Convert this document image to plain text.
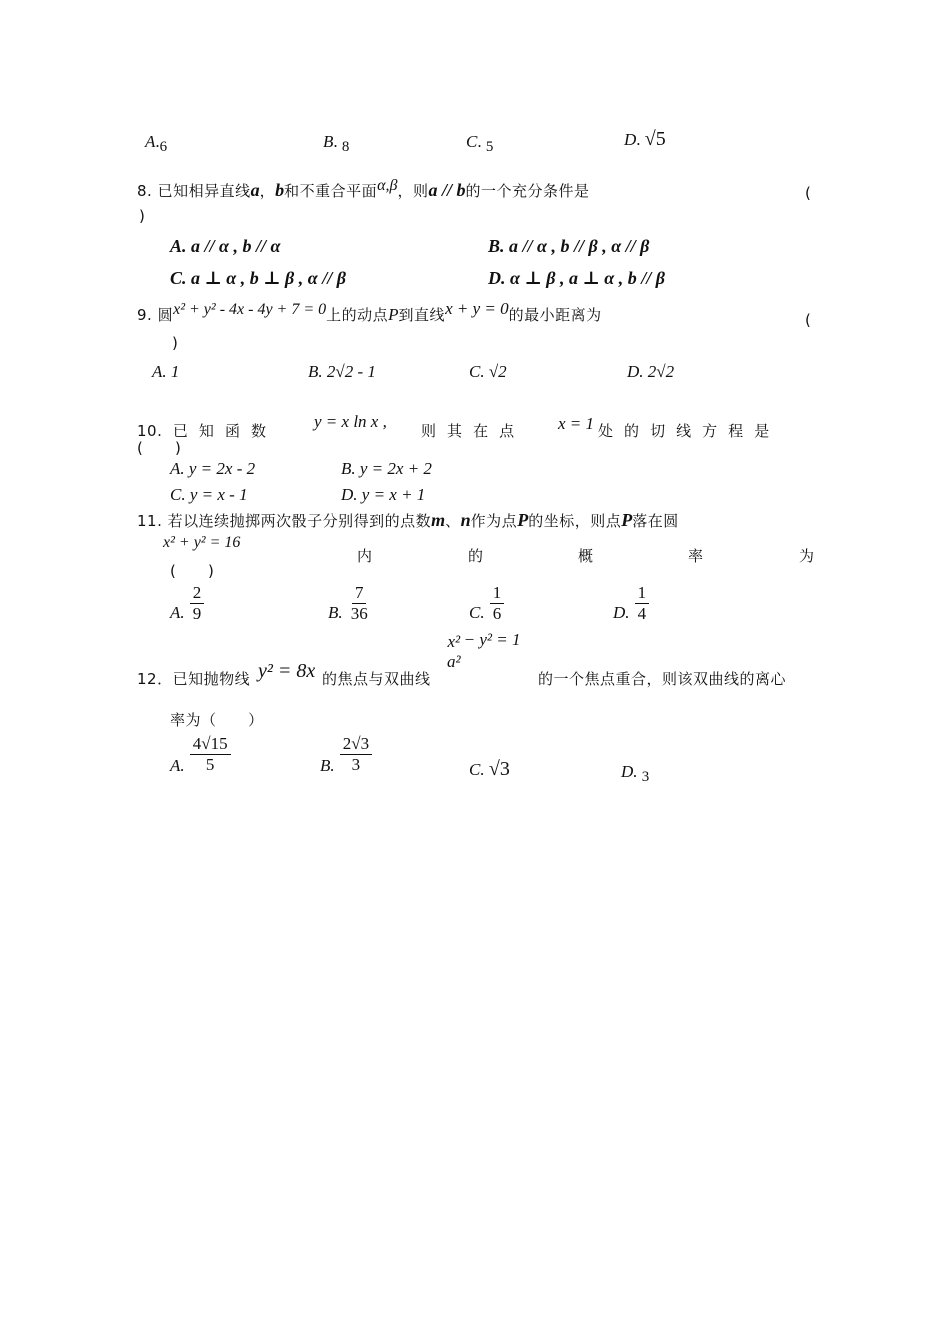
A.6	B. 8	C. 5	D. √5
8. 已知相异直线a，b和不重合平面α,β，则a // b的一个充分条件是	(
)
A. a // α , b // α	B. a // α , b // β , α // β
C. a ⊥ α , b ⊥ β , α // β	D. α ⊥ β , a ⊥ α , b // β
9. 圆x² + y² - 4x - 4y + 7 = 0上的动点P到直线x + y = 0的最小距离为	(
)
A. 1	B. 2√2 - 1	C. √2	D. 2√2
10.  已  知  函  数	y = x ln x , 则  其  在  点	x = 1 处  的  切  线  方  程  是
(      )
A. y = 2x - 2	B. y = 2x + 2
C. y = x - 1	D. y = x + 1
11. 若以连续抛掷两次骰子分别得到的点数m、n作为点P的坐标，则点P落在圆
x² + y² = 16
内	的	概	率	为
(      )
A. $\frac{2}{9}$	B. $\frac{7}{36}$	C. $\frac{1}{6}$	D. $\frac{1}{4}$
12．已知抛物线 y² = 8x 的焦点与双曲线
x²
a²
− y² = 1
的一个焦点重合，则该双曲线的离心
率为（      ）
A. $\frac{4√15}{5}$	B. $\frac{2√3}{3}$	C. √3	D. 3
